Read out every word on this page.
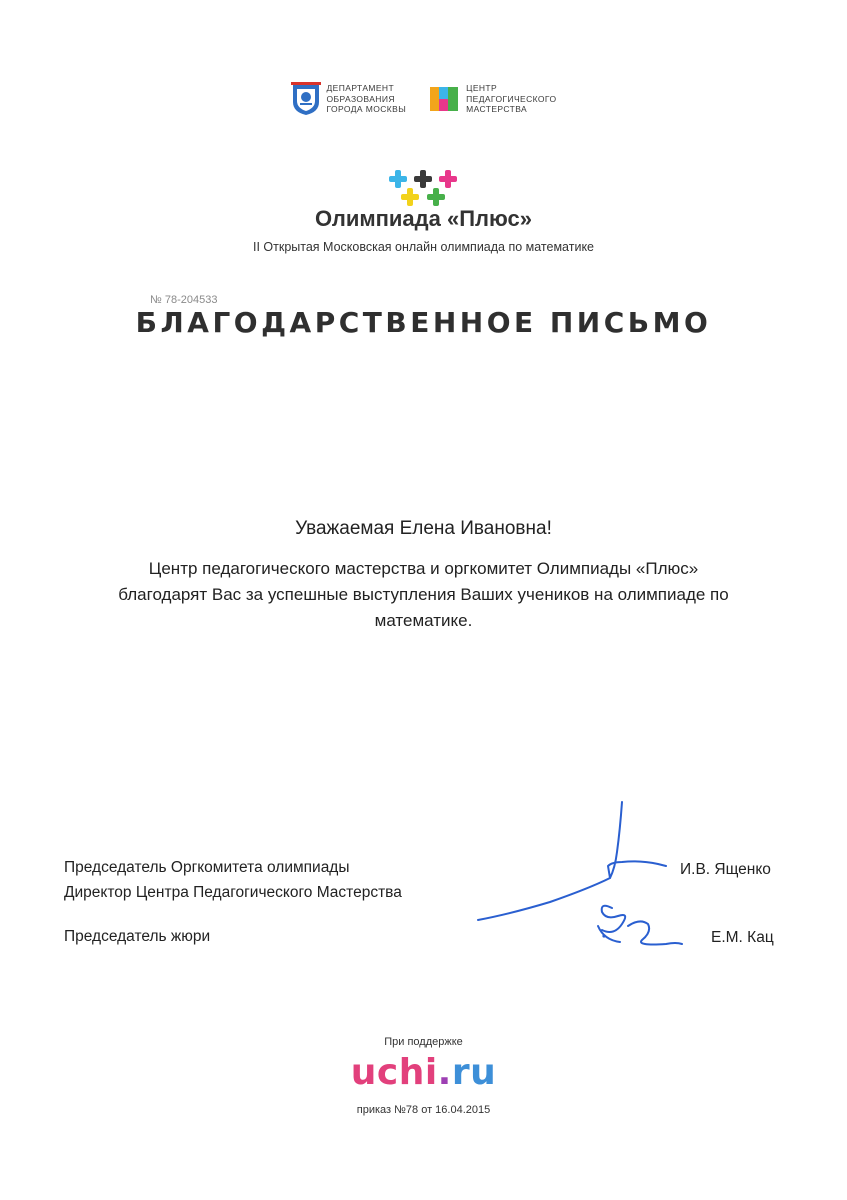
ДЕПАРТАМЕНТ
ОБРАЗОВАНИЯ
ГОРОДА МОСКВЫ
ЦЕНТР
ПЕДАГОГИЧЕСКОГО
МАСТЕРСТВА
Олимпиада «Плюс»
II Открытая Московская онлайн олимпиада по математике
№ 78-204533
БЛАГОДАРСТВЕННОЕ ПИСЬМО
Уважаемая Елена Ивановна!
Центр педагогического мастерства и оргкомитет Олимпиады «Плюс»
благодарят Вас за успешные выступления Ваших учеников на олимпиаде по
математике.
Председатель Оргкомитета олимпиады
Директор Центра Педагогического Мастерства
Председатель жюри
И.В. Ященко
Е.М. Кац
При поддержке
uchi.ru
приказ №78 от 16.04.2015
